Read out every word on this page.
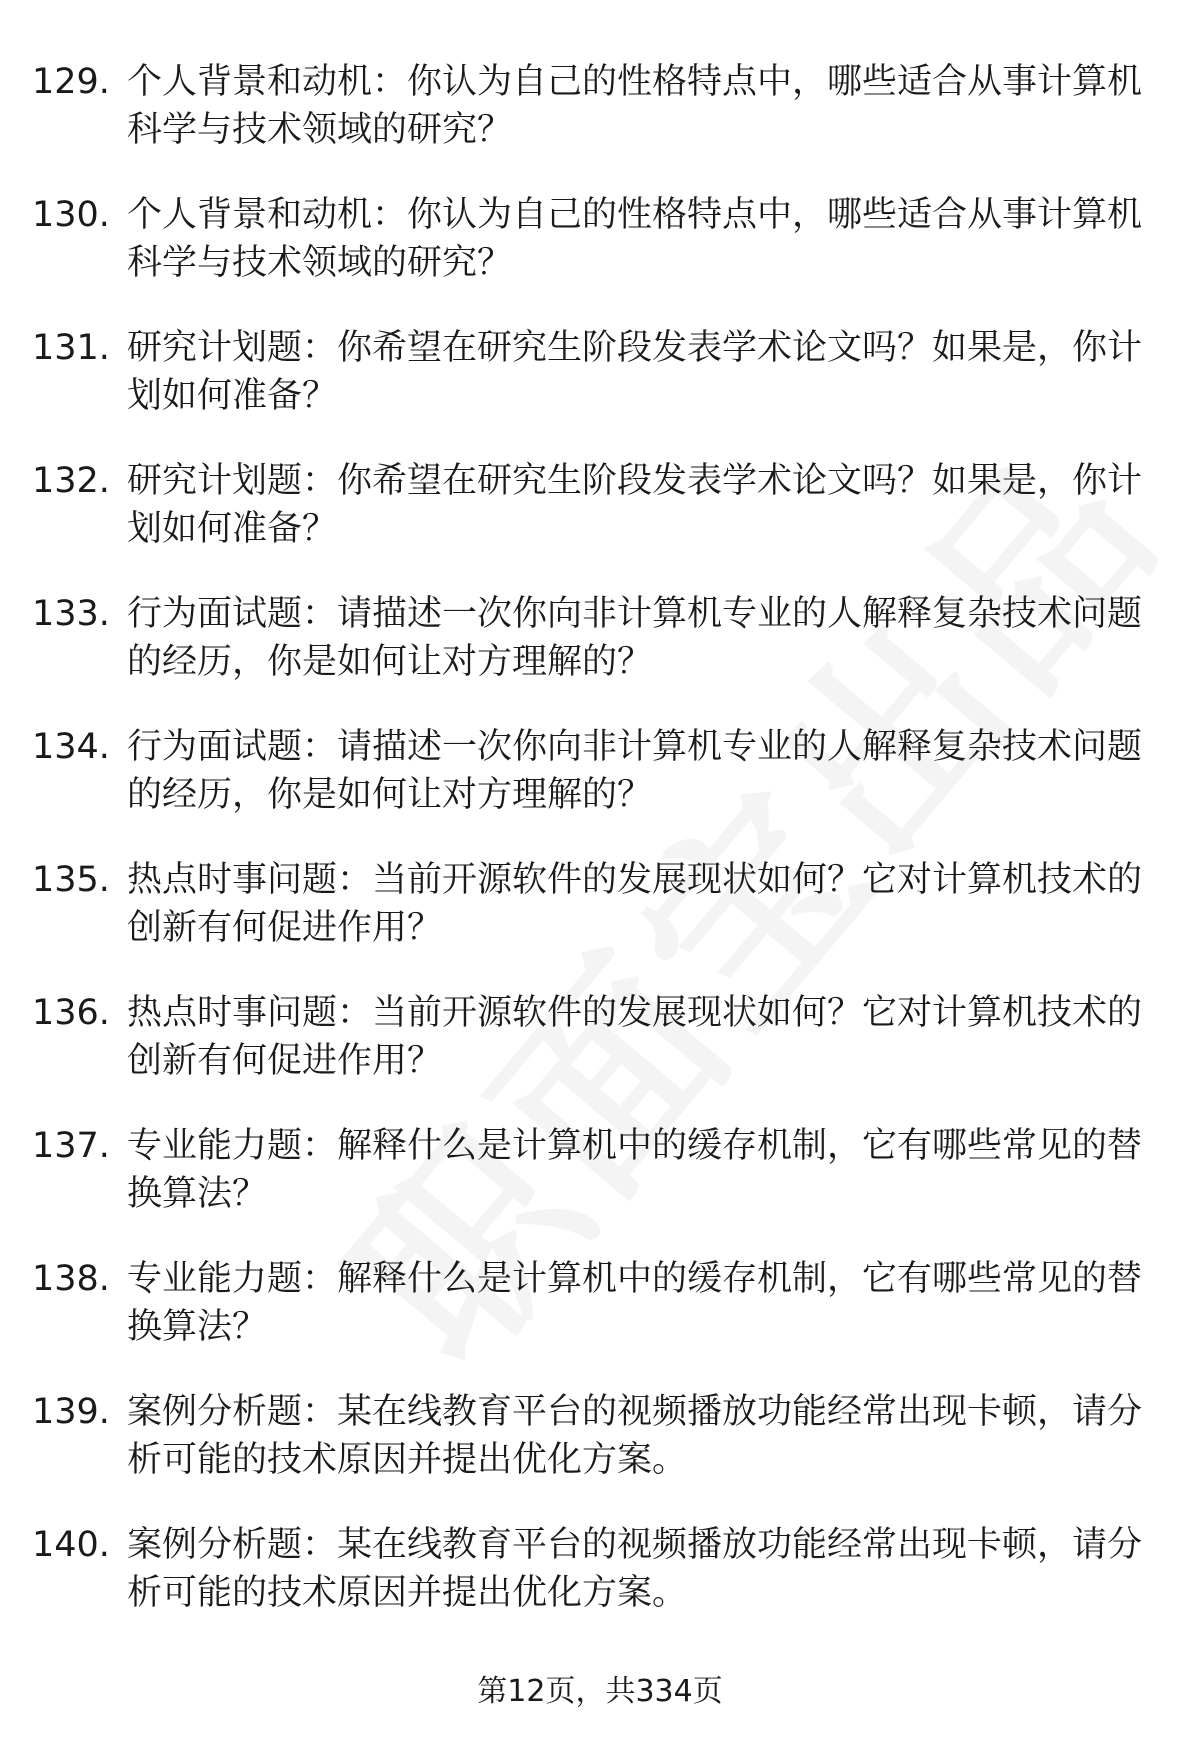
129. 个人背景和动机：你认为自己的性格特点中，哪些适合从事计算机科学与技术领域的研究？
130. 个人背景和动机：你认为自己的性格特点中，哪些适合从事计算机科学与技术领域的研究？
131. 研究计划题：你希望在研究生阶段发表学术论文吗？如果是，你计划如何准备？
132. 研究计划题：你希望在研究生阶段发表学术论文吗？如果是，你计划如何准备？
133. 行为面试题：请描述一次你向非计算机专业的人解释复杂技术问题的经历，你是如何让对方理解的？
134. 行为面试题：请描述一次你向非计算机专业的人解释复杂技术问题的经历，你是如何让对方理解的？
135. 热点时事问题：当前开源软件的发展现状如何？它对计算机技术的创新有何促进作用？
136. 热点时事问题：当前开源软件的发展现状如何？它对计算机技术的创新有何促进作用？
137. 专业能力题：解释什么是计算机中的缓存机制，它有哪些常见的替换算法？
138. 专业能力题：解释什么是计算机中的缓存机制，它有哪些常见的替换算法？
139. 案例分析题：某在线教育平台的视频播放功能经常出现卡顿，请分析可能的技术原因并提出优化方案。
140. 案例分析题：某在线教育平台的视频播放功能经常出现卡顿，请分析可能的技术原因并提出优化方案。
第12页，共334页
